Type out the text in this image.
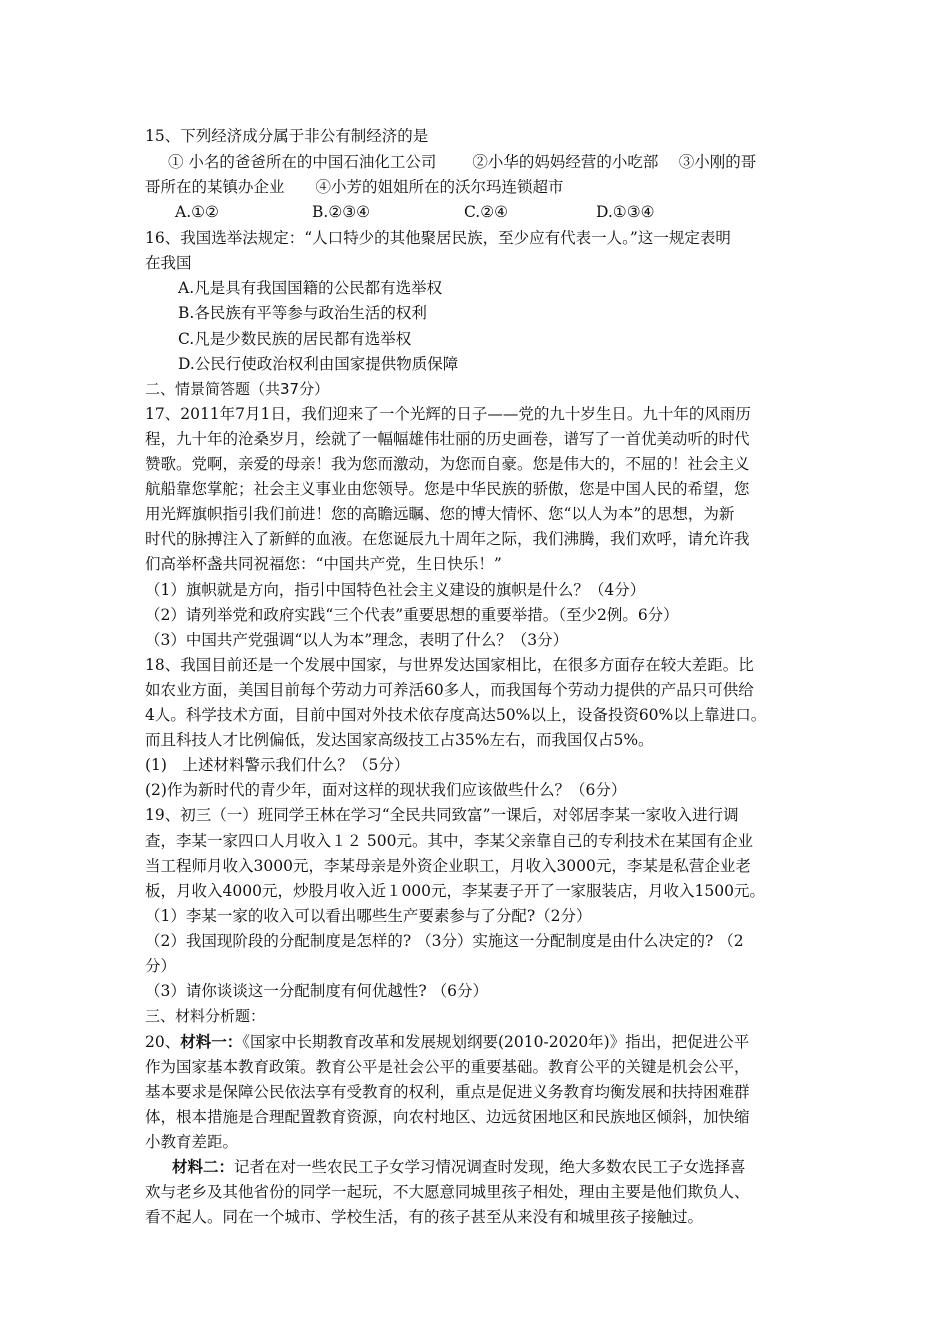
15、下列经济成分属于非公有制经济的是
① 小名的爸爸所在的中国石油化工公司　　 ②小华的妈妈经营的小吃部　 ③小刚的哥
哥所在的某镇办企业　　④小芳的姐姐所在的沃尔玛连锁超市
A.①②	B.②③④	C.②④	D.①③④
16、我国选举法规定：“人口特少的其他聚居民族，至少应有代表一人。”这一规定表明
在我国
A.凡是具有我国国籍的公民都有选举权
B.各民族有平等参与政治生活的权利
C.凡是少数民族的居民都有选举权
D.公民行使政治权利由国家提供物质保障
二、情景简答题（共37分）
17、2011年7月1日，我们迎来了一个光辉的日子——党的九十岁生日。九十年的风雨历
程，九十年的沧桑岁月，绘就了一幅幅雄伟壮丽的历史画卷，谱写了一首优美动听的时代
赞歌。党啊，亲爱的母亲！我为您而激动，为您而自豪。您是伟大的，不屈的！社会主义
航船靠您掌舵；社会主义事业由您领导。您是中华民族的骄傲，您是中国人民的希望，您
用光辉旗帜指引我们前进！您的高瞻远瞩、您的博大情怀、您“以人为本”的思想，为新
时代的脉搏注入了新鲜的血液。在您诞辰九十周年之际，我们沸腾，我们欢呼，请允许我
们高举杯盏共同祝福您：“中国共产党，生日快乐！”
（1）旗帜就是方向，指引中国特色社会主义建设的旗帜是什么？（4分）
（2）请列举党和政府实践“三个代表”重要思想的重要举措。（至少2例。6分）
（3）中国共产党强调“以人为本”理念，表明了什么？（3分）
18、我国目前还是一个发展中国家，与世界发达国家相比，在很多方面存在较大差距。比
如农业方面，美国目前每个劳动力可养活60多人，而我国每个劳动力提供的产品只可供给
4人。科学技术方面，目前中国对外技术依存度高达50%以上，设备投资60%以上靠进口。
而且科技人才比例偏低，发达国家高级技工占35%左右，而我国仅占5%。
(1)　上述材料警示我们什么？（5分）
(2)作为新时代的青少年，面对这样的现状我们应该做些什么？（6分）
19、初三（一）班同学王林在学习“全民共同致富”一课后，对邻居李某一家收入进行调
查，李某一家四口人月收入１２ 500元。其中，李某父亲靠自己的专利技术在某国有企业
当工程师月收入3000元，李某母亲是外资企业职工，月收入3000元，李某是私营企业老
板，月收入4000元，炒股月收入近１000元，李某妻子开了一家服装店，月收入1500元。
（1）李某一家的收入可以看出哪些生产要素参与了分配?（2分）
（2）我国现阶段的分配制度是怎样的? （3分）实施这一分配制度是由什么决定的? （2
分）
（3）请你谈谈这一分配制度有何优越性? （6分）
三、材料分析题：
20、材料一：《国家中长期教育改革和发展规划纲要(2010-2020年)》指出，把促进公平
作为国家基本教育政策。教育公平是社会公平的重要基础。教育公平的关键是机会公平，
基本要求是保障公民依法享有受教育的权利，重点是促进义务教育均衡发展和扶持困难群
体，根本措施是合理配置教育资源，向农村地区、边远贫困地区和民族地区倾斜，加快缩
小教育差距。
材料二：记者在对一些农民工子女学习情况调查时发现，绝大多数农民工子女选择喜
欢与老乡及其他省份的同学一起玩，不大愿意同城里孩子相处，理由主要是他们欺负人、
看不起人。同在一个城市、学校生活，有的孩子甚至从来没有和城里孩子接触过。
